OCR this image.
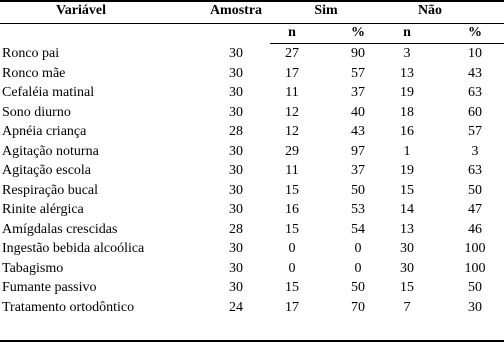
Variável	Amostra	Sim	Não
n	%	n	%
Ronco pai	30	27	90	3	10
Ronco mãe	30	17	57	13	43
Cefaléia matinal	30	11	37	19	63
Sono diurno	30	12	40	18	60
Apnéia criança	28	12	43	16	57
Agitação noturna	30	29	97	1	3
Agitação escola	30	11	37	19	63
Respiração bucal	30	15	50	15	50
Rinite alérgica	30	16	53	14	47
Amígdalas crescidas	28	15	54	13	46
Ingestão bebida alcoólica	30	0	0	30	100
Tabagismo	30	0	0	30	100
Fumante passivo	30	15	50	15	50
Tratamento ortodôntico	24	17	70	7	30
